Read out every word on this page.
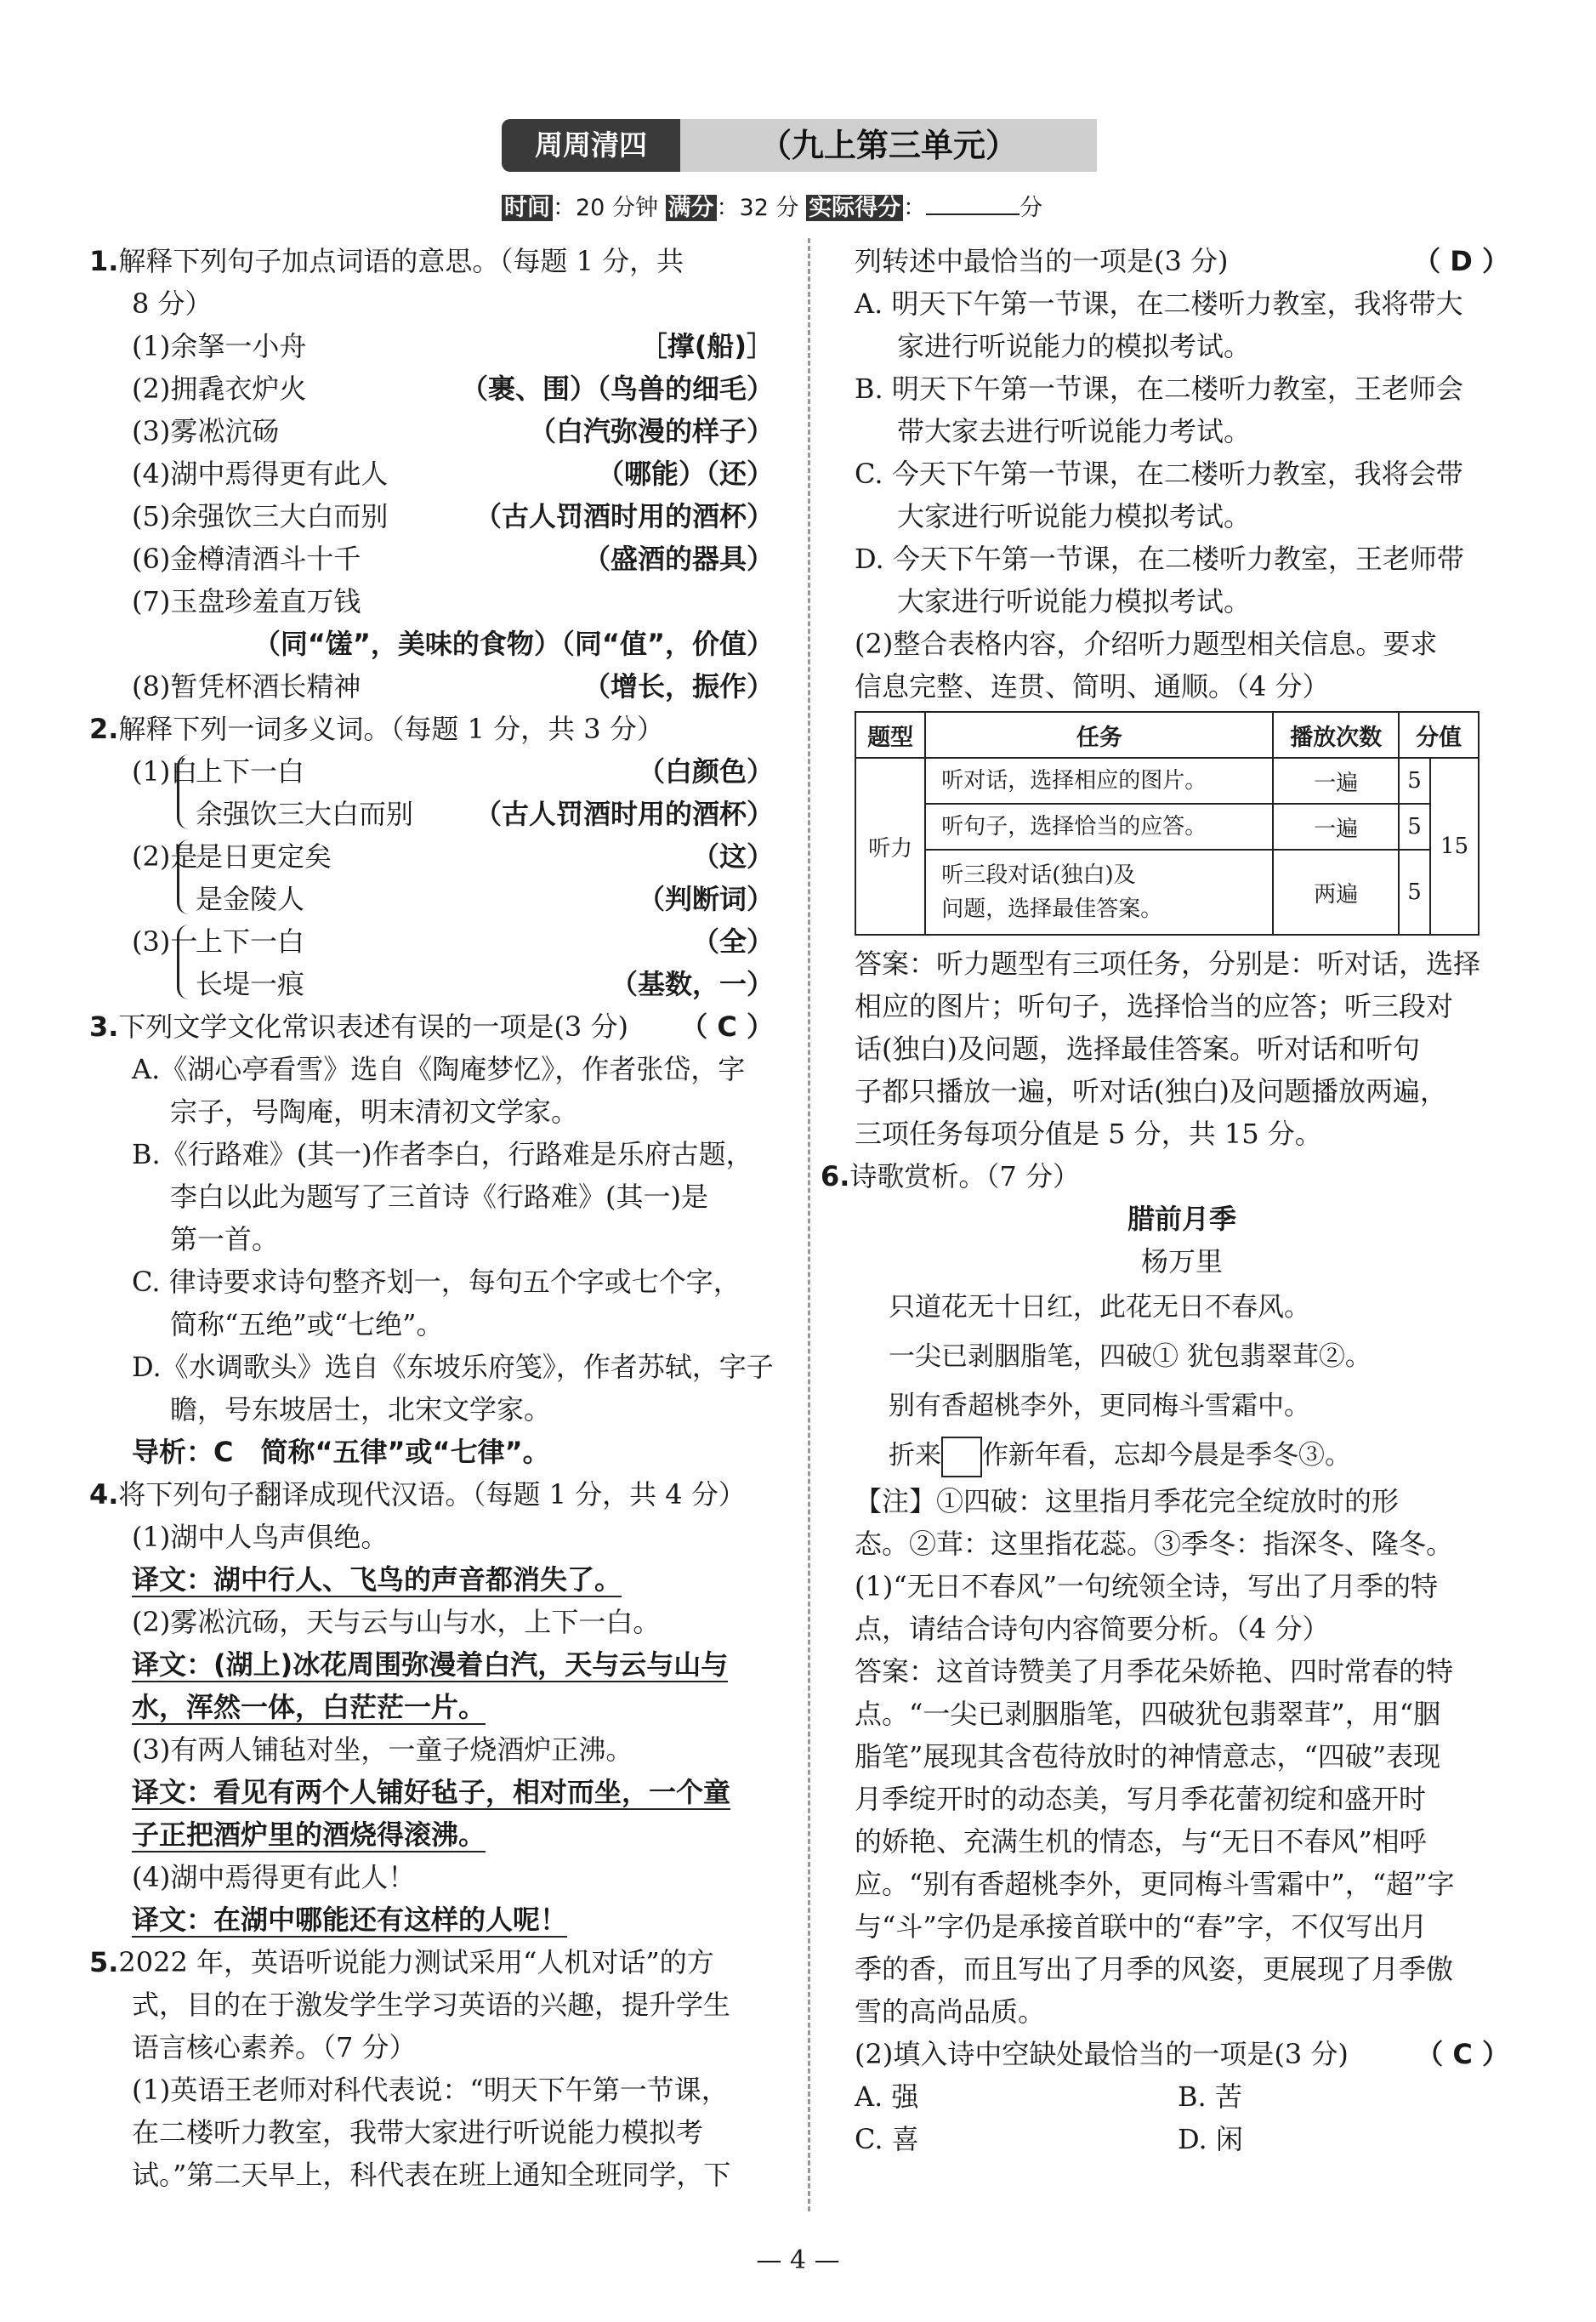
周周清四	（九上第三单元）
时间 ：20 分钟 满分 ：32 分 实际得分 ：	分
1.解释下列句子加点词语的意思。（每题 1 分，共
8 分）
(1)余拏一小舟	［撑(船)］
(2)拥毳衣炉火	（裹、围）（鸟兽的细毛）
(3)雾凇沆砀	（白汽弥漫的样子）
(4)湖中焉得更有此人	（哪能）（还）
(5)余强饮三大白而别	（古人罚酒时用的酒杯）
(6)金樽清酒斗十千	（盛酒的器具）
(7)玉盘珍羞直万钱
（同“馐”，美味的食物）（同“值”，价值）
(8)暂凭杯酒长精神	（增长，振作）
2.解释下列一词多义词。（每题 1 分，共 3 分）
(1)白
上下一白	（白颜色）
余强饮三大白而别 （古人罚酒时用的酒杯）
(2)是
是日更定矣	（这）
是金陵人	（判断词）
(3)一
上下一白	（全）
长堤一痕	（基数，一）
3.下列文学文化常识表述有误的一项是(3 分) （ C ）
A.《湖心亭看雪》选自《陶庵梦忆》，作者张岱，字
宗子，号陶庵，明末清初文学家。
B.《行路难》(其一)作者李白，行路难是乐府古题，
李白以此为题写了三首诗《行路难》(其一)是
第一首。
C. 律诗要求诗句整齐划一，每句五个字或七个字，
简称“五绝”或“七绝”。
D.《水调歌头》选自《东坡乐府笺》，作者苏轼，字子
瞻，号东坡居士，北宋文学家。
导析：C　简称“五律”或“七律”。
4.将下列句子翻译成现代汉语。（每题 1 分，共 4 分）
(1)湖中人鸟声俱绝。
译文：湖中行人、飞鸟的声音都消失了。
(2)雾凇沆砀，天与云与山与水，上下一白。
译文：(湖上)冰花周围弥漫着白汽，天与云与山与
水，浑然一体，白茫茫一片。
(3)有两人铺毡对坐，一童子烧酒炉正沸。
译文：看见有两个人铺好毡子，相对而坐，一个童
子正把酒炉里的酒烧得滚沸。
(4)湖中焉得更有此人！
译文：在湖中哪能还有这样的人呢！
5.2022 年，英语听说能力测试采用“人机对话”的方
式，目的在于激发学生学习英语的兴趣，提升学生
语言核心素养。（7 分）
(1)英语王老师对科代表说：“明天下午第一节课，
在二楼听力教室，我带大家进行听说能力模拟考
试。”第二天早上，科代表在班上通知全班同学，下
列转述中最恰当的一项是(3 分)	（ D ）
A. 明天下午第一节课，在二楼听力教室，我将带大
家进行听说能力的模拟考试。
B. 明天下午第一节课，在二楼听力教室，王老师会
带大家去进行听说能力考试。
C. 今天下午第一节课，在二楼听力教室，我将会带
大家进行听说能力模拟考试。
D. 今天下午第一节课，在二楼听力教室，王老师带
大家进行听说能力模拟考试。
(2)整合表格内容，介绍听力题型相关信息。要求
信息完整、连贯、简明、通顺。（4 分）
题型	任务	播放次数	分值	
听力	听对话，选择相应的图片。	一遍	5	15
	听句子，选择恰当的应答。	一遍	5	

	听三段对话(独白)及
问题，选择最佳答案。	两遍	5	
答案：听力题型有三项任务，分别是：听对话，选择
相应的图片；听句子，选择恰当的应答；听三段对
话(独白)及问题，选择最佳答案。听对话和听句
子都只播放一遍，听对话(独白)及问题播放两遍，
三项任务每项分值是 5 分，共 15 分。
6.诗歌赏析。（7 分）
腊前月季
杨万里
只道花无十日红，此花无日不春风。
一尖已剥胭脂笔，四破① 犹包翡翠茸②。
别有香超桃李外，更同梅斗雪霜中。
折来 作新年看，忘却今晨是季冬③。
【注】①四破：这里指月季花完全绽放时的形
态。②茸：这里指花蕊。③季冬：指深冬、隆冬。
(1)“无日不春风”一句统领全诗，写出了月季的特
点，请结合诗句内容简要分析。（4 分）
答案：这首诗赞美了月季花朵娇艳、四时常春的特
点。“一尖已剥胭脂笔，四破犹包翡翠茸”，用“胭
脂笔”展现其含苞待放时的神情意志，“四破”表现
月季绽开时的动态美，写月季花蕾初绽和盛开时
的娇艳、充满生机的情态，与“无日不春风”相呼
应。“别有香超桃李外，更同梅斗雪霜中”，“超”字
与“斗”字仍是承接首联中的“春”字，不仅写出月
季的香，而且写出了月季的风姿，更展现了月季傲
雪的高尚品质。
(2)填入诗中空缺处最恰当的一项是(3 分) （ C ）
A. 强	B. 苦
C. 喜	D. 闲
— 4 —
